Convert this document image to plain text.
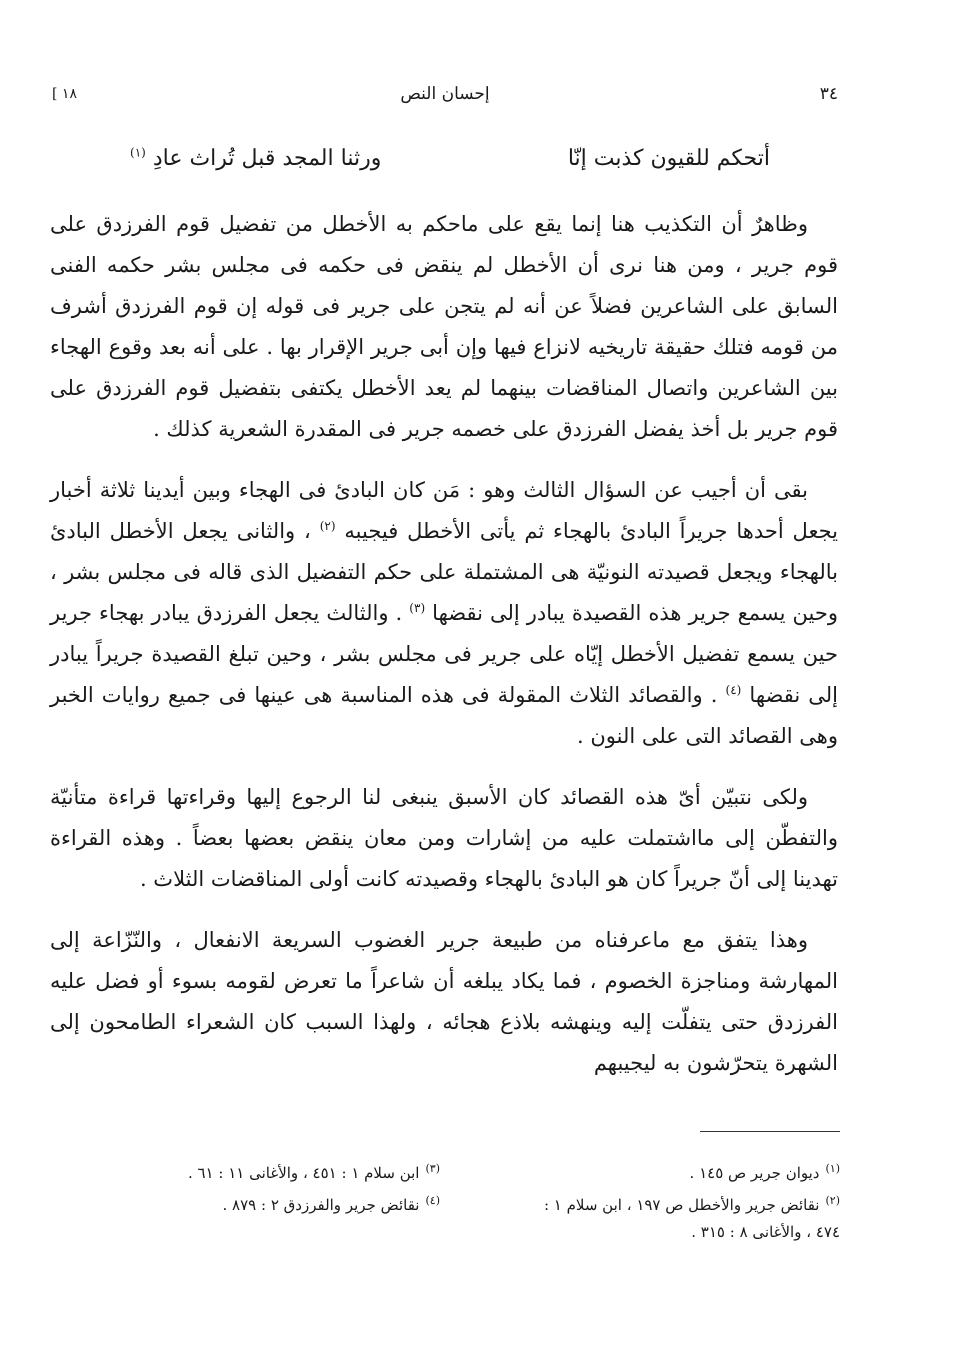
٣٤
إحسان النص
[ ١٨
أتحكم للقيون كذبت إنّا
ورثنا المجد قبل تُراث عادِ $^{(١)}$

وظاهرٌ أن التكذيب هنا إنما يقع على ماحكم به الأخطل من تفضيل قوم الفرزدق على قوم جرير ، ومن هنا نرى أن الأخطل لم ينقض فى حكمه فى مجلس بشر حكمه الفنى السابق على الشاعرين فضلاً عن أنه لم يتجن على جرير فى قوله إن قوم الفرزدق أشرف من قومه فتلك حقيقة تاريخيه لانزاع فيها وإن أبى جرير الإقرار بها . على أنه بعد وقوع الهجاء بين الشاعرين واتصال المناقضات بينهما لم يعد الأخطل يكتفى بتفضيل قوم الفرزدق على قوم جرير بل أخذ يفضل الفرزدق على خصمه جرير فى المقدرة الشعرية كذلك .

بقى أن أجيب عن السؤال الثالث وهو : مَن كان البادئ فى الهجاء وبين أيدينا ثلاثة أخبار يجعل أحدها جريراً البادئ بالهجاء ثم يأتى الأخطل فيجيبه $^{(٢)}$ ، والثانى يجعل الأخطل البادئ بالهجاء ويجعل قصيدته النونيّة هى المشتملة على حكم التفضيل الذى قاله فى مجلس بشر ، وحين يسمع جرير هذه القصيدة يبادر إلى نقضها $^{(٣)}$ . والثالث يجعل الفرزدق يبادر بهجاء جرير حين يسمع تفضيل الأخطل إيّاه على جرير فى مجلس بشر ، وحين تبلغ القصيدة جريراً يبادر إلى نقضها $^{(٤)}$ . والقصائد الثلاث المقولة فى هذه المناسبة هى عينها فى جميع روايات الخبر وهى القصائد التى على النون .

ولكى نتبيّن أىّ هذه القصائد كان الأسبق ينبغى لنا الرجوع إليها وقراءتها قراءة متأنيّة والتفطّن إلى مااشتملت عليه من إشارات ومن معان ينقض بعضها بعضاً . وهذه القراءة تهدينا إلى أنّ جريراً كان هو البادئ بالهجاء وقصيدته كانت أولى المناقضات الثلاث .

وهذا يتفق مع ماعرفناه من طبيعة جرير الغضوب السريعة الانفعال ، والنّزّاعة إلى المهارشة ومناجزة الخصوم ، فما يكاد يبلغه أن شاعراً ما تعرض لقومه بسوء أو فضل عليه الفرزدق حتى يتفلّت إليه وينهشه بلاذع هجائه ، ولهذا السبب كان الشعراء الطامحون إلى الشهرة يتحرّشون به ليجيبهم

$^{(١)}$ديوان جرير ص ١٤٥ .

$^{(٢)}$نقائض جرير والأخطل ص ١٩٧ ، ابن سلام ١ :

٤٧٤ ، والأغانى ٨ : ٣١٥ .

$^{(٣)}$ابن سلام ١ : ٤٥١ ، والأغانى ١١ : ٦١ .

$^{(٤)}$نقائض جرير والفرزدق ٢ : ٨٧٩ .
